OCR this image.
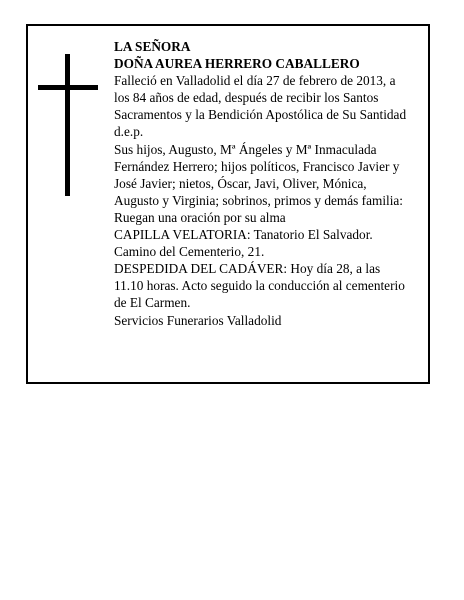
LA SEÑORA
DOÑA AUREA HERRERO CABALLERO
Falleció en Valladolid el día 27 de febrero de 2013, a
los 84 años de edad, después de recibir los Santos
Sacramentos y la Bendición Apostólica de Su Santidad
d.e.p.
Sus hijos, Augusto, Mª Ángeles y Mª Inmaculada
Fernández Herrero; hijos políticos, Francisco Javier y
José Javier; nietos, Óscar, Javi, Oliver, Mónica,
Augusto y Virginia; sobrinos, primos y demás familia:
Ruegan una oración por su alma
CAPILLA VELATORIA: Tanatorio El Salvador.
Camino del Cementerio, 21.
DESPEDIDA DEL CADÁVER: Hoy día 28, a las
11.10 horas. Acto seguido la conducción al cementerio
de El Carmen.
Servicios Funerarios Valladolid
